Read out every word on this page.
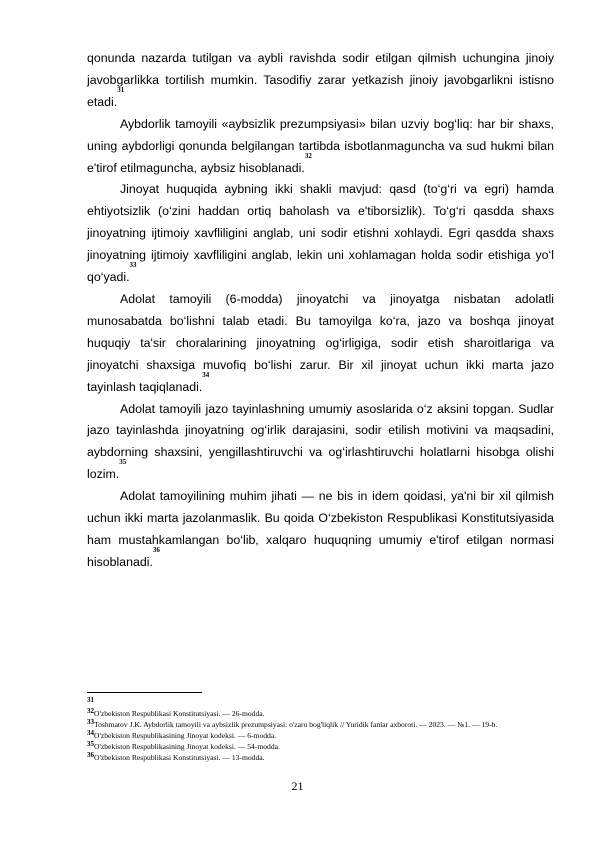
qonunda nazarda tutilgan va aybli ravishda sodir etilgan qilmish uchungina jinoiy javobgarlikka tortilish mumkin. Tasodifiy zarar yetkazish jinoiy javobgarlikni istisno etadi.$^{31}$

Aybdorlik tamoyili «aybsizlik prezumpsiyasi» bilan uzviy bog‘liq: har bir shaxs, uning aybdorligi qonunda belgilangan tartibda isbotlanmaguncha va sud hukmi bilan e'tirof etilmaguncha, aybsiz hisoblanadi.$^{32}$

Jinoyat huquqida aybning ikki shakli mavjud: qasd (to‘g‘ri va egri) hamda ehtiyotsizlik (o‘zini haddan ortiq baholash va e'tiborsizlik). To‘g‘ri qasdda shaxs jinoyatning ijtimoiy xavfliligini anglab, uni sodir etishni xohlaydi. Egri qasdda shaxs jinoyatning ijtimoiy xavfliligini anglab, lekin uni xohlamagan holda sodir etishiga yo‘l qo‘yadi.$^{33}$

Adolat tamoyili (6-modda) jinoyatchi va jinoyatga nisbatan adolatli munosabatda bo‘lishni talab etadi. Bu tamoyilga ko‘ra, jazo va boshqa jinoyat huquqiy ta'sir choralarining jinoyatning og‘irligiga, sodir etish sharoitlariga va jinoyatchi shaxsiga muvofiq bo‘lishi zarur. Bir xil jinoyat uchun ikki marta jazo tayinlash taqiqlanadi.$^{34}$

Adolat tamoyili jazo tayinlashning umumiy asoslarida o‘z aksini topgan. Sudlar jazo tayinlashda jinoyatning og‘irlik darajasini, sodir etilish motivini va maqsadini, aybdorning shaxsini, yengillashtiruvchi va og‘irlashtiruvchi holatlarni hisobga olishi lozim.$^{35}$

Adolat tamoyilining muhim jihati — ne bis in idem qoidasi, ya'ni bir xil qilmish uchun ikki marta jazolanmaslik. Bu qoida O‘zbekiston Respublikasi Konstitutsiyasida ham mustahkamlangan bo‘lib, xalqaro huquqning umumiy e'tirof etilgan normasi hisoblanadi.$^{36}$

31
32O'zbekiston Respublikasi Konstitutsiyasi. — 26-modda.
33Toshmatov J.K. Aybdorlik tamoyili va aybsizlik prezumpsiyasi: o'zaro bog'liqlik // Yuridik fanlar axboroti. — 2023. — №1. — 19-b.
34O'zbekiston Respublikasining Jinoyat kodeksi. — 6-modda.
35O'zbekiston Respublikasining Jinoyat kodeksi. — 54-modda.
36O'zbekiston Respublikasi Konstitutsiyasi. — 13-modda.
21
